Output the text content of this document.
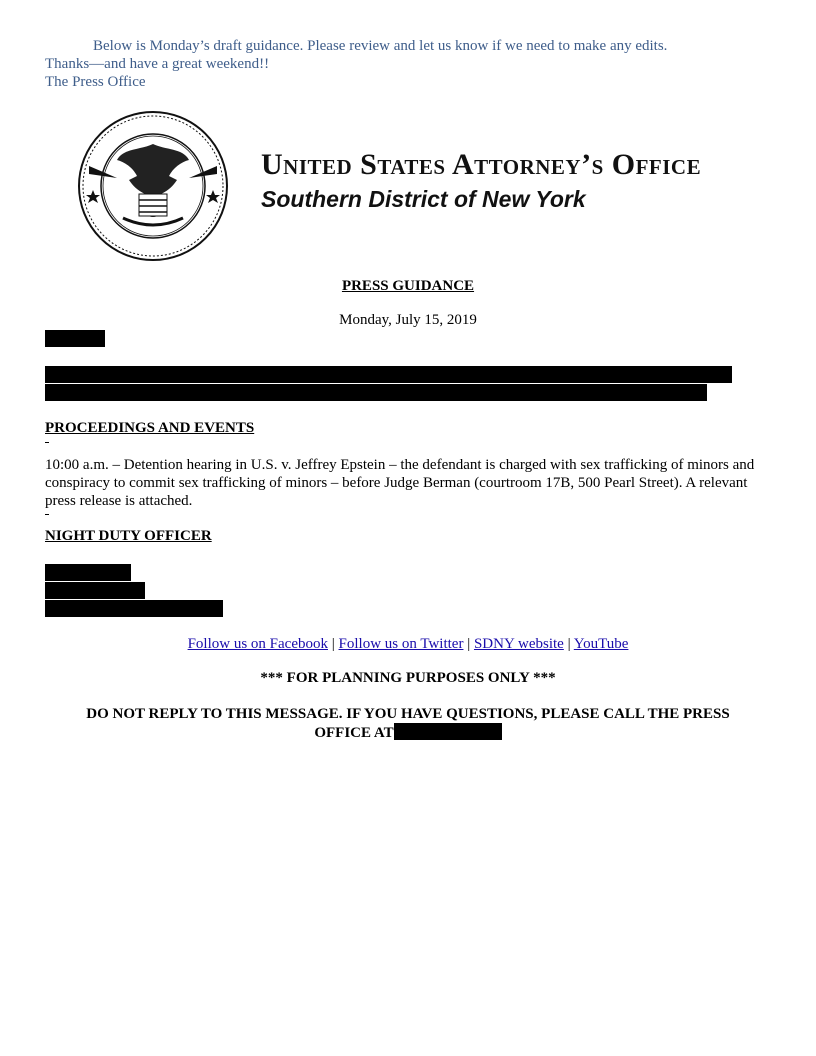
Below is Monday’s draft guidance. Please review and let us know if we need to make any edits.
Thanks—and have a great weekend!!
The Press Office
United States Attorney’s Office
Southern District of New York
PRESS GUIDANCE
Monday, July 15, 2019
PROCEEDINGS AND EVENTS
10:00 a.m. – Detention hearing in U.S. v. Jeffrey Epstein – the defendant is charged with sex trafficking of minors and conspiracy to commit sex trafficking of minors – before Judge Berman (courtroom 17B, 500 Pearl Street). A relevant press release is attached.
NIGHT DUTY OFFICER
Follow us on Facebook | Follow us on Twitter | SDNY website | YouTube
*** FOR PLANNING PURPOSES ONLY ***
DO NOT REPLY TO THIS MESSAGE. IF YOU HAVE QUESTIONS, PLEASE CALL THE PRESS
OFFICE AT
